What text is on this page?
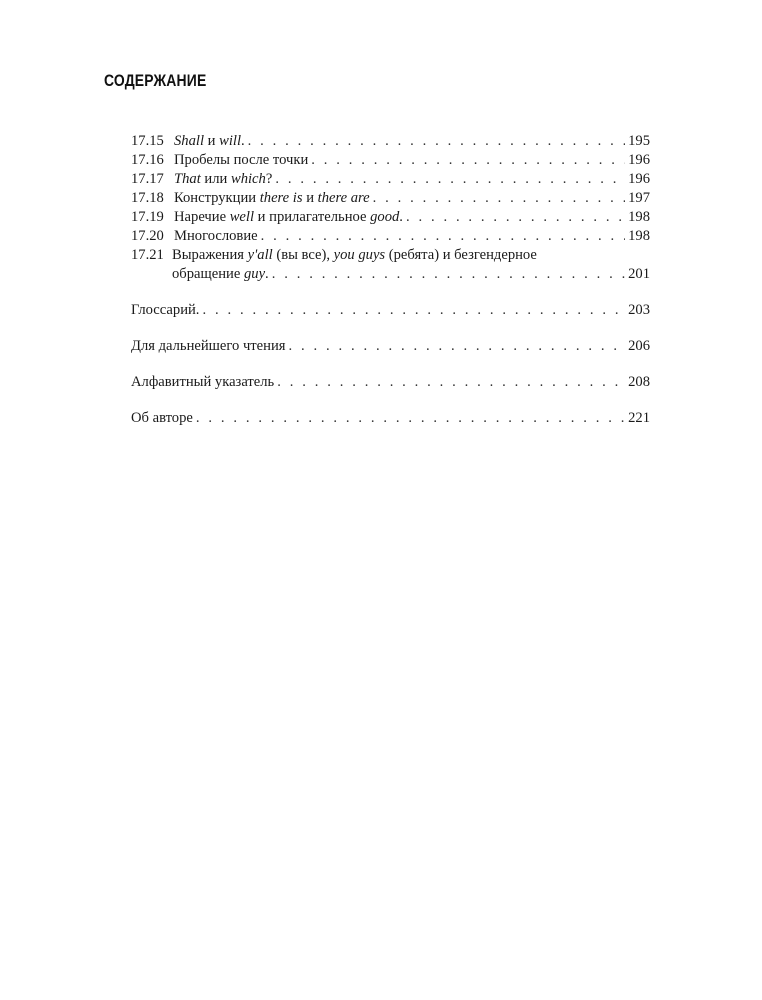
СОДЕРЖАНИЕ
17.15 Shall и will. . . .	195
17.16 Пробелы после точки . . .	196
17.17 That или which? . . .	196
17.18 Конструкции there is и there are . . .	197
17.19 Наречие well и прилагательное good. . . .	198
17.20 Многословие . . .	198
17.21 Выражения y'all (вы все), you guys (ребята) и безгендерное
обращение guy. . . .	201
Глоссарий. . . .	203
Для дальнейшего чтения . . .	206
Алфавитный указатель . . .	208
Об авторе . . .	221
